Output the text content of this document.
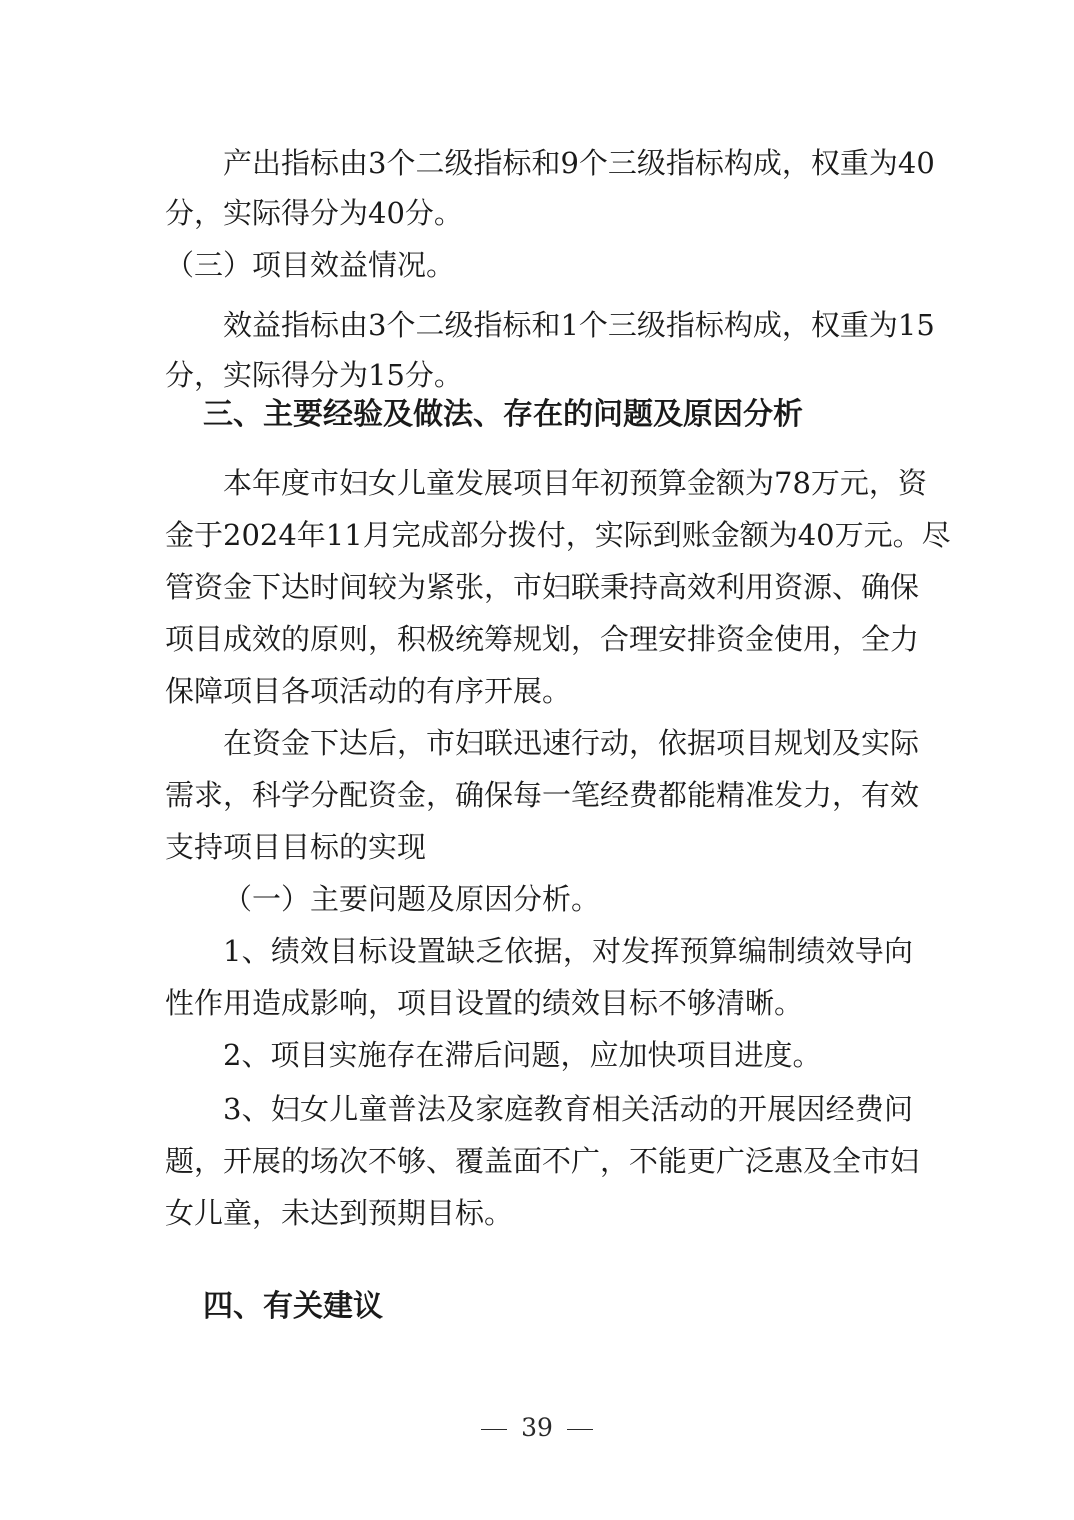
产出指标由3个二级指标和9个三级指标构成，权重为40
分，实际得分为40分。
（三）项目效益情况。
效益指标由3个二级指标和1个三级指标构成，权重为15
分，实际得分为15分。
三、主要经验及做法、存在的问题及原因分析
本年度市妇女儿童发展项目年初预算金额为78万元，资
金于2024年11月完成部分拨付，实际到账金额为40万元。尽
管资金下达时间较为紧张，市妇联秉持高效利用资源、确保
项目成效的原则，积极统筹规划，合理安排资金使用，全力
保障项目各项活动的有序开展。
在资金下达后，市妇联迅速行动，依据项目规划及实际
需求，科学分配资金，确保每一笔经费都能精准发力，有效
支持项目目标的实现
（一）主要问题及原因分析。
1、绩效目标设置缺乏依据，对发挥预算编制绩效导向
性作用造成影响，项目设置的绩效目标不够清晰。
2、项目实施存在滞后问题，应加快项目进度。
3、妇女儿童普法及家庭教育相关活动的开展因经费问
题，开展的场次不够、覆盖面不广，不能更广泛惠及全市妇
女儿童，未达到预期目标。
四、有关建议
39
